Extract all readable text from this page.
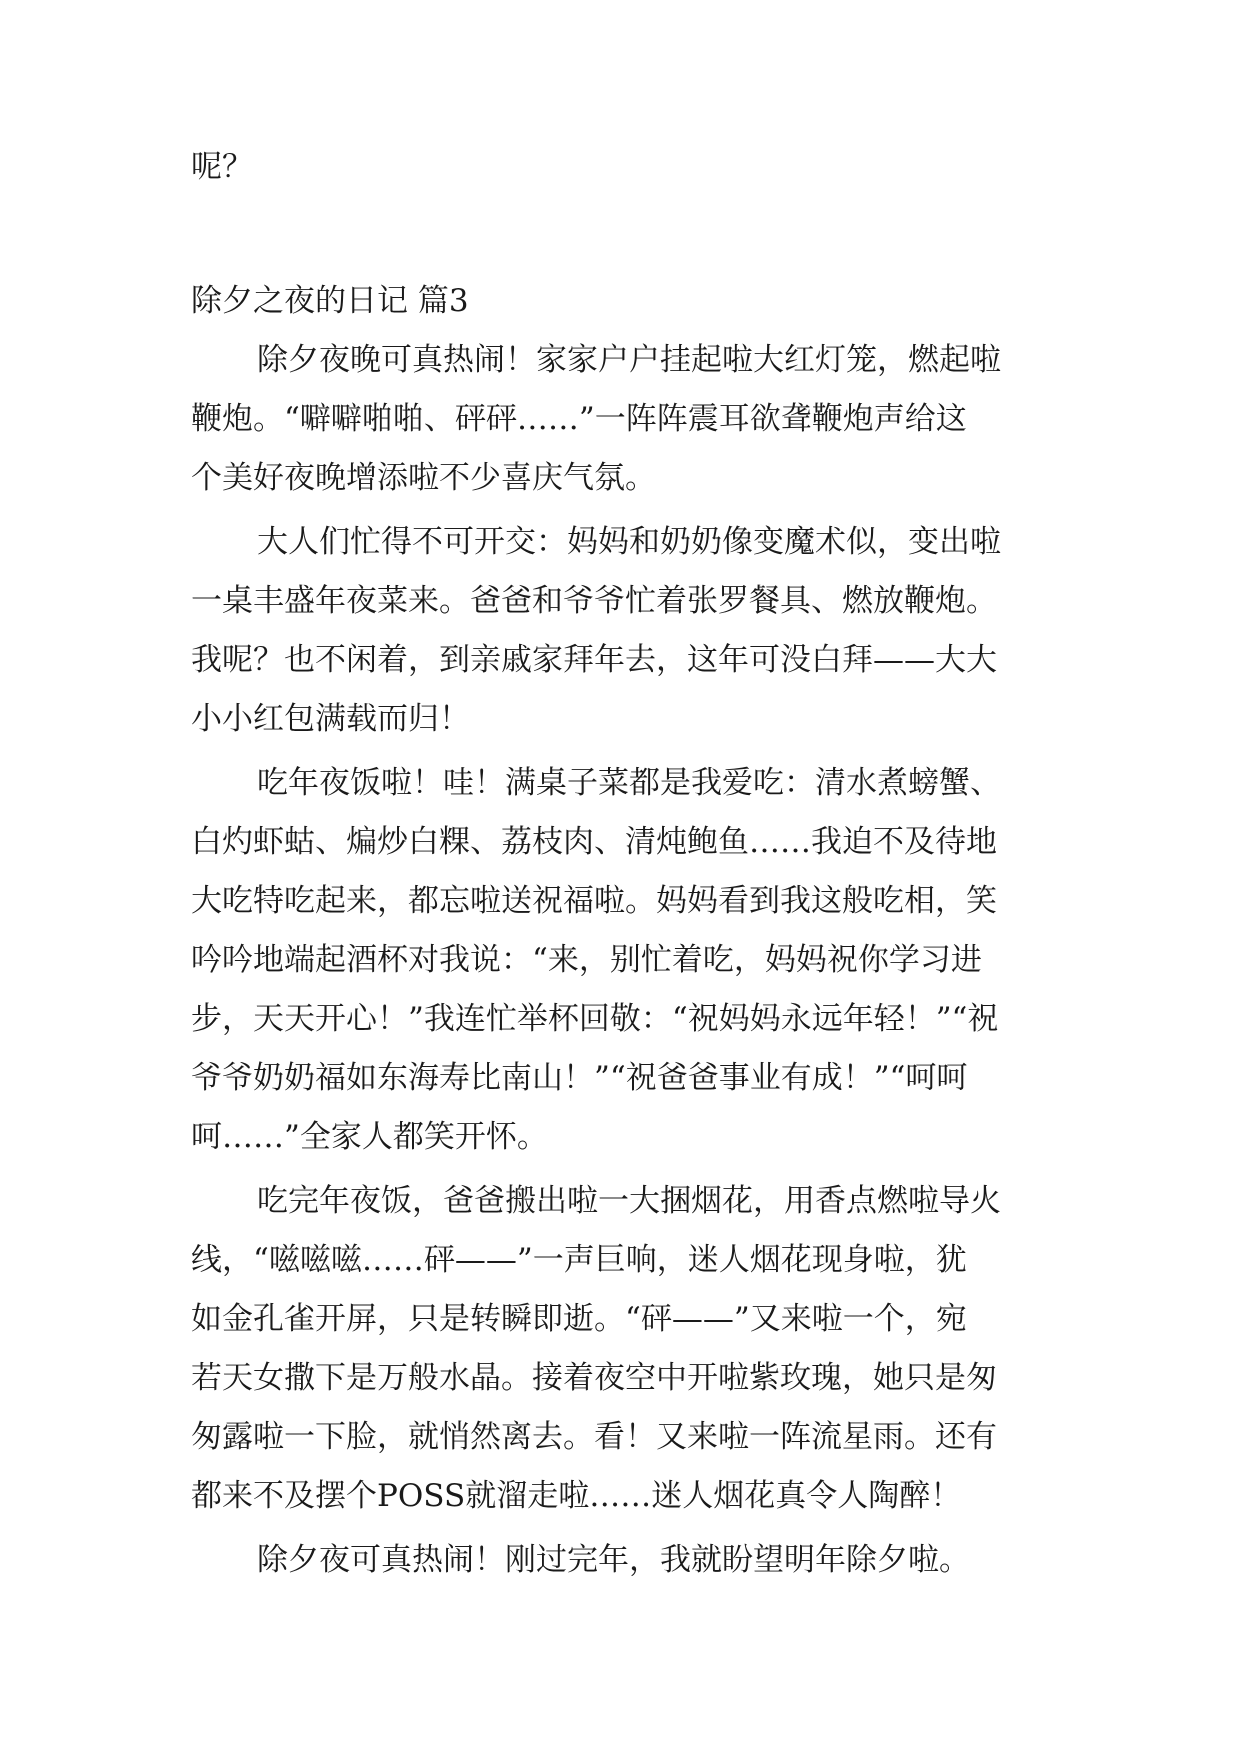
呢？
除夕之夜的日记 篇3
除夕夜晚可真热闹！家家户户挂起啦大红灯笼，燃起啦
鞭炮。“噼噼啪啪、砰砰……”一阵阵震耳欲聋鞭炮声给这
个美好夜晚增添啦不少喜庆气氛。
大人们忙得不可开交：妈妈和奶奶像变魔术似，变出啦
一桌丰盛年夜菜来。爸爸和爷爷忙着张罗餐具、燃放鞭炮。
我呢？也不闲着，到亲戚家拜年去，这年可没白拜——大大
小小红包满载而归！
吃年夜饭啦！哇！满桌子菜都是我爱吃：清水煮螃蟹、
白灼虾蛄、煸炒白粿、荔枝肉、清炖鲍鱼……我迫不及待地
大吃特吃起来，都忘啦送祝福啦。妈妈看到我这般吃相，笑
吟吟地端起酒杯对我说：“来，别忙着吃，妈妈祝你学习进
步，天天开心！”我连忙举杯回敬：“祝妈妈永远年轻！”“祝
爷爷奶奶福如东海寿比南山！”“祝爸爸事业有成！”“呵呵
呵……”全家人都笑开怀。
吃完年夜饭，爸爸搬出啦一大捆烟花，用香点燃啦导火
线，“嗞嗞嗞……砰——”一声巨响，迷人烟花现身啦，犹
如金孔雀开屏，只是转瞬即逝。“砰——”又来啦一个，宛
若天女撒下是万般水晶。接着夜空中开啦紫玫瑰，她只是匆
匆露啦一下脸，就悄然离去。看！又来啦一阵流星雨。还有
都来不及摆个POSS就溜走啦……迷人烟花真令人陶醉！
除夕夜可真热闹！刚过完年，我就盼望明年除夕啦。
